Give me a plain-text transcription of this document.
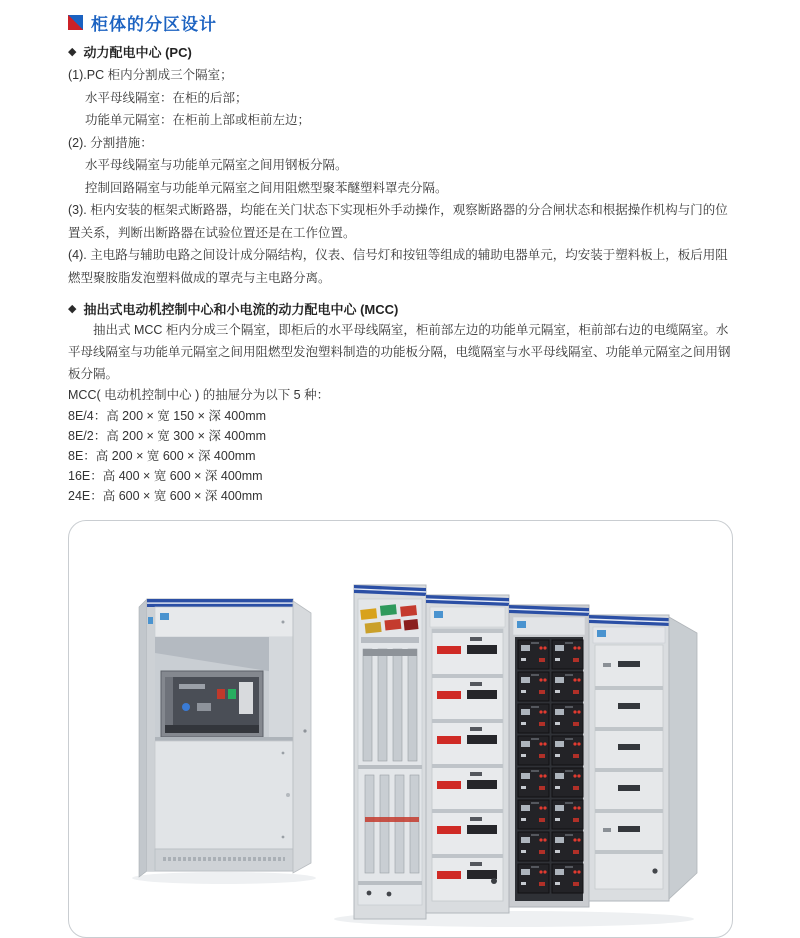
柜体的分区设计
◆ 动力配电中心 (PC)

(1).PC 柜内分割成三个隔室；

水平母线隔室：在柜的后部；

功能单元隔室：在柜前上部或柜前左边；

(2). 分割措施：

水平母线隔室与功能单元隔室之间用钢板分隔。

控制回路隔室与功能单元隔室之间用阻燃型聚苯醚塑料罩壳分隔。

(3). 柜内安装的框架式断路器，均能在关门状态下实现柜外手动操作，观察断路器的分合闸状态和根据操作机构与门的位置关系，判断出断路器在试验位置还是在工作位置。

(4). 主电路与辅助电路之间设计成分隔结构，仪表、信号灯和按钮等组成的辅助电器单元，均安装于塑料板上，板后用阻燃型聚胺脂发泡塑料做成的罩壳与主电路分离。

◆ 抽出式电动机控制中心和小电流的动力配电中心 (MCC)

抽出式 MCC 柜内分成三个隔室，即柜后的水平母线隔室，柜前部左边的功能单元隔室，柜前部右边的电缆隔室。水平母线隔室与功能单元隔室之间用阻燃型发泡塑料制造的功能板分隔，电缆隔室与水平母线隔室、功能单元隔室之间用钢板分隔。

MCC( 电动机控制中心 ) 的抽屉分为以下 5 种：

8E/4：高 200 × 宽 150 × 深 400mm

8E/2：高 200 × 宽 300 × 深 400mm

8E：高 200 × 宽 600 × 深 400mm

16E：高 400 × 宽 600 × 深 400mm

24E：高 600 × 宽 600 × 深 400mm
